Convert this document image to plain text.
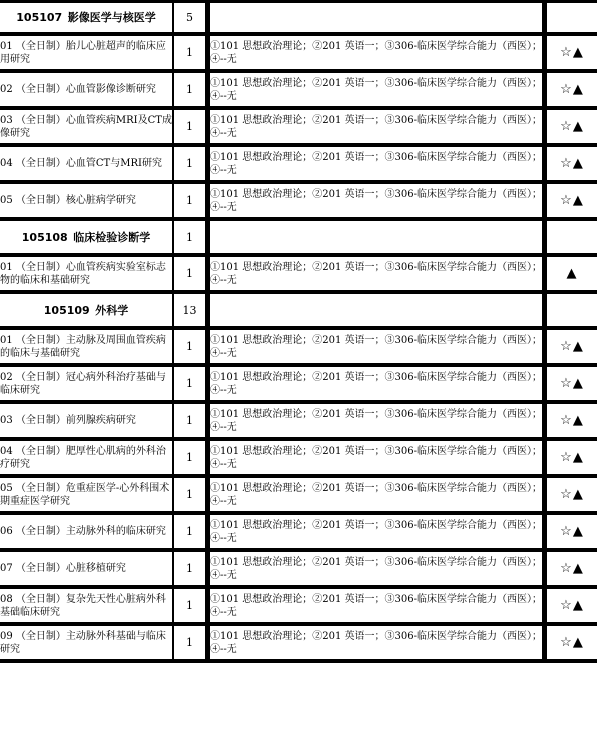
105107  影像医学与核医学	5		
01 （全日制）胎儿心脏超声的临床应用研究	1	①101 思想政治理论；②201 英语一；③306-临床医学综合能力（西医）；④--无	☆▲
02 （全日制）心血管影像诊断研究	1	①101 思想政治理论；②201 英语一；③306-临床医学综合能力（西医）；④--无	☆▲
03 （全日制）心血管疾病MRI及CT成像研究	1	①101 思想政治理论；②201 英语一；③306-临床医学综合能力（西医）；④--无	☆▲
04 （全日制）心血管CT与MRI研究	1	①101 思想政治理论；②201 英语一；③306-临床医学综合能力（西医）；④--无	☆▲
05 （全日制）核心脏病学研究	1	①101 思想政治理论；②201 英语一；③306-临床医学综合能力（西医）；④--无	☆▲
105108  临床检验诊断学	1		
01 （全日制）心血管疾病实验室标志物的临床和基础研究	1	①101 思想政治理论；②201 英语一；③306-临床医学综合能力（西医）；④--无	▲
105109  外科学	13		
01 （全日制）主动脉及周围血管疾病的临床与基础研究	1	①101 思想政治理论；②201 英语一；③306-临床医学综合能力（西医）；④--无	☆▲
02 （全日制）冠心病外科治疗基础与临床研究	1	①101 思想政治理论；②201 英语一；③306-临床医学综合能力（西医）；④--无	☆▲
03 （全日制）前列腺疾病研究	1	①101 思想政治理论；②201 英语一；③306-临床医学综合能力（西医）；④--无	☆▲
04 （全日制）肥厚性心肌病的外科治疗研究	1	①101 思想政治理论；②201 英语一；③306-临床医学综合能力（西医）；④--无	☆▲
05 （全日制）危重症医学-心外科围术期重症医学研究	1	①101 思想政治理论；②201 英语一；③306-临床医学综合能力（西医）；④--无	☆▲
06 （全日制）主动脉外科的临床研究	1	①101 思想政治理论；②201 英语一；③306-临床医学综合能力（西医）；④--无	☆▲
07 （全日制）心脏移植研究	1	①101 思想政治理论；②201 英语一；③306-临床医学综合能力（西医）；④--无	☆▲
08 （全日制）复杂先天性心脏病外科基础临床研究	1	①101 思想政治理论；②201 英语一；③306-临床医学综合能力（西医）；④--无	☆▲
09 （全日制）主动脉外科基础与临床研究	1	①101 思想政治理论；②201 英语一；③306-临床医学综合能力（西医）；④--无	☆▲
